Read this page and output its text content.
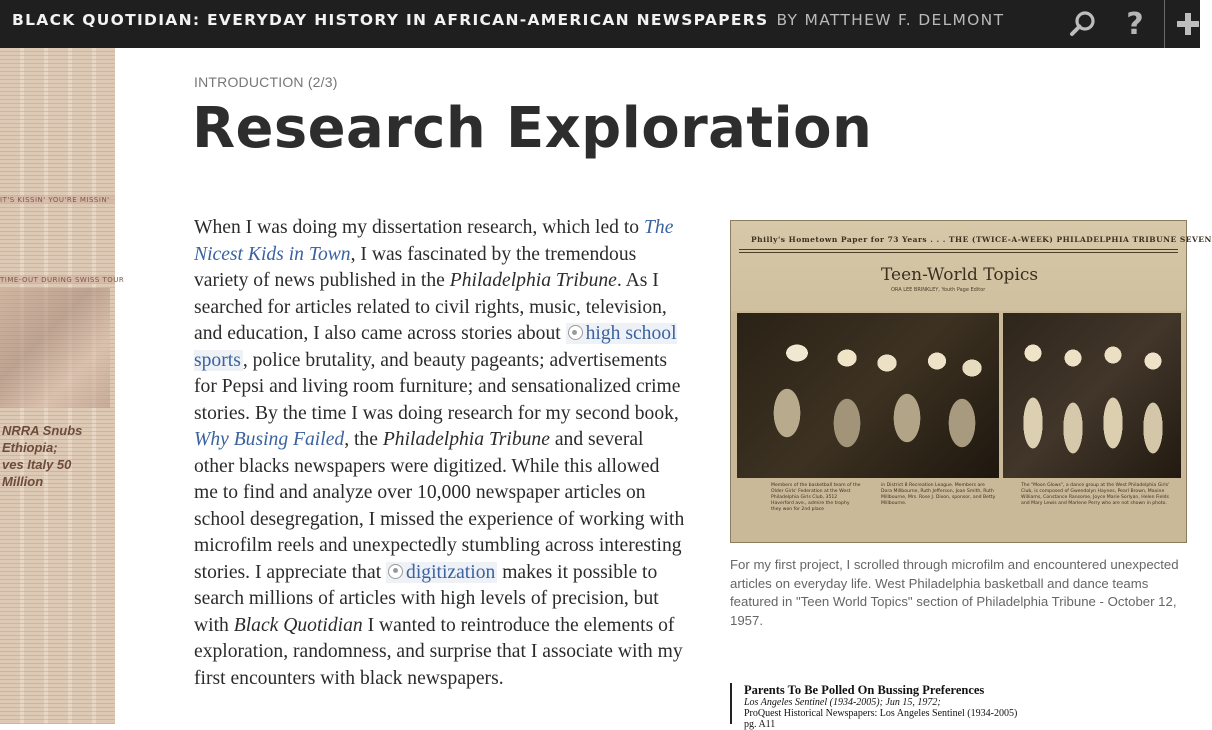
BLACK QUOTIDIAN: EVERYDAY HISTORY IN AFRICAN-AMERICAN NEWSPAPERS BY MATTHEW F. DELMONT	?
IT'S KISSIN' YOU'RE MISSIN'
TIME-OUT DURING SWISS TOUR
NRRA Snubs Ethiopia;
ves Italy 50 Million
INTRODUCTION (2/3)
Research Exploration

When I was doing my dissertation research, which led to The Nicest Kids in Town, I was fascinated by the tremendous variety of news published in the Philadelphia Tribune. As I searched for articles related to civil rights, music, television, and education, I also came across stories about high school sports , police brutality, and beauty pageants; advertisements for Pepsi and living room furniture; and sensationalized crime stories. By the time I was doing research for my second book, Why Busing Failed, the Philadelphia Tribune and several other blacks newspapers were digitized. While this allowed me to find and analyze over 10,000 newspaper articles on school desegregation, I missed the experience of working with microfilm reels and unexpectedly stumbling across interesting stories. I appreciate that digitization makes it possible to search millions of articles with high levels of precision, but with Black Quotidian I wanted to reintroduce the elements of exploration, randomness, and surprise that I associate with my first encounters with black newspapers.

Philly's Hometown Paper for 73 Years . . . THE (TWICE-A-WEEK) PHILADELPHIA TRIBUNE SEVEN
Teen-World Topics
ORA LEE BRINKLEY, Youth Page Editor
Members of the basketball team of the Older Girls' Federation at the West Philadelphia Girls Club, 3512 Haverford ave., admire the trophy they won for 2nd place
in District 8 Recreation League. Members are Dora Millbourne, Ruth Jefferson, Joan Smith, Ruth Millbourne, Mrs. Rose J. Dixon, sponsor, and Betty Millbourne.
The "Moon Glows", a dance group at the West Philadelphia Girls' Club, is composed of Gwendolyn Haynes, Pearl Brown, Maxine Williams, Constance Ransome, Joyce Marie Sorlyan, Helen Fields and Mary Lewis and Marlene Perry who are not shown in photo.
For my first project, I scrolled through microfilm and encountered unexpected articles on everyday life. West Philadelphia basketball and dance teams featured in "Teen World Topics" section of Philadelphia Tribune - October 12, 1957.
Parents To Be Polled On Bussing Preferences
Los Angeles Sentinel (1934-2005); Jun 15, 1972;
ProQuest Historical Newspapers: Los Angeles Sentinel (1934-2005)
pg. A11
